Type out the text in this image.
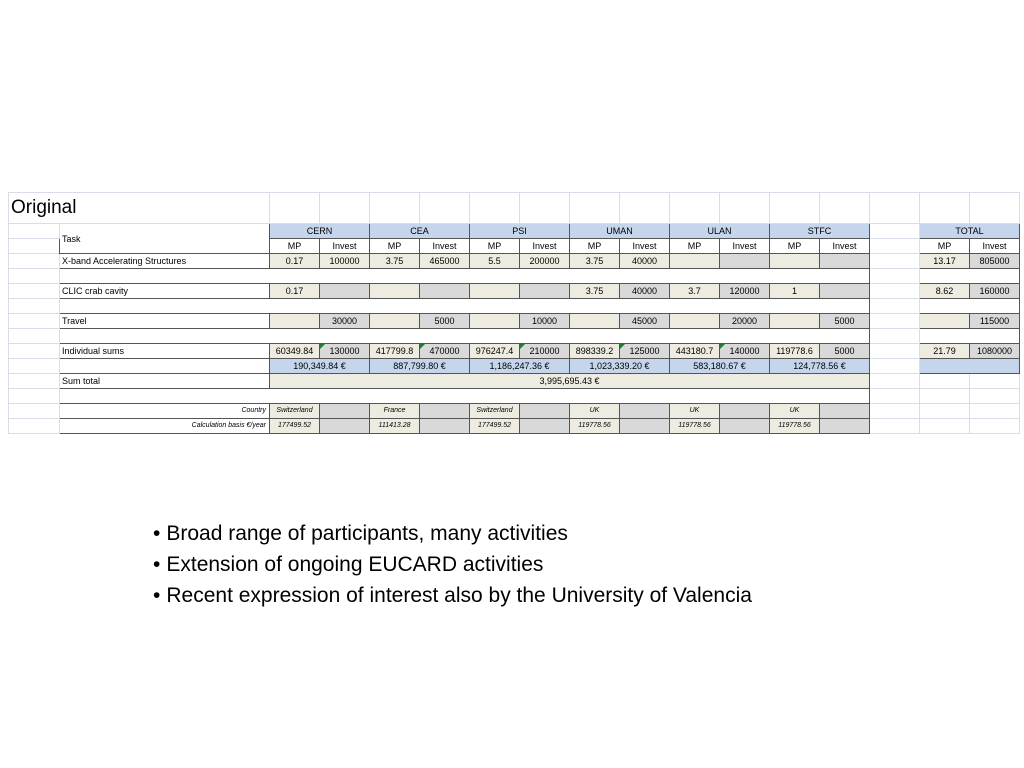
Original																
	Task	CERN		CEA		PSI		UMAN		ULAN		STFC			TOTAL	
		MP	Invest	MP	Invest	MP	Invest	MP	Invest	MP	Invest	MP	Invest		MP	Invest
	X-band Accelerating Structures	0.17	100000	3.75	465000	5.5	200000	3.75	40000						13.17	805000

	CLIC crab cavity	0.17						3.75	40000	3.7	120000	1			8.62	160000

	Travel		30000		5000		10000		45000		20000		5000			115000

	Individual sums	60349.84	130000	417799.8	470000	976247.4	210000	898339.2	125000	443180.7	140000	119778.6	5000		21.79	1080000
		190,349.84 €		887,799.80 €		1,186,247.36 €		1,023,339.20 €		583,180.67 €		124,778.56 €				
	Sum total	3,995,695.43 €														

	Country	Switzerland		France		Switzerland		UK		UK		UK				
	Calculation basis €/year	177499.52		111413.28		177499.52		119778.56		119778.56		119778.56				
• Broad range of participants, many activities
• Extension of ongoing EUCARD activities
• Recent expression of interest also by the University of Valencia
